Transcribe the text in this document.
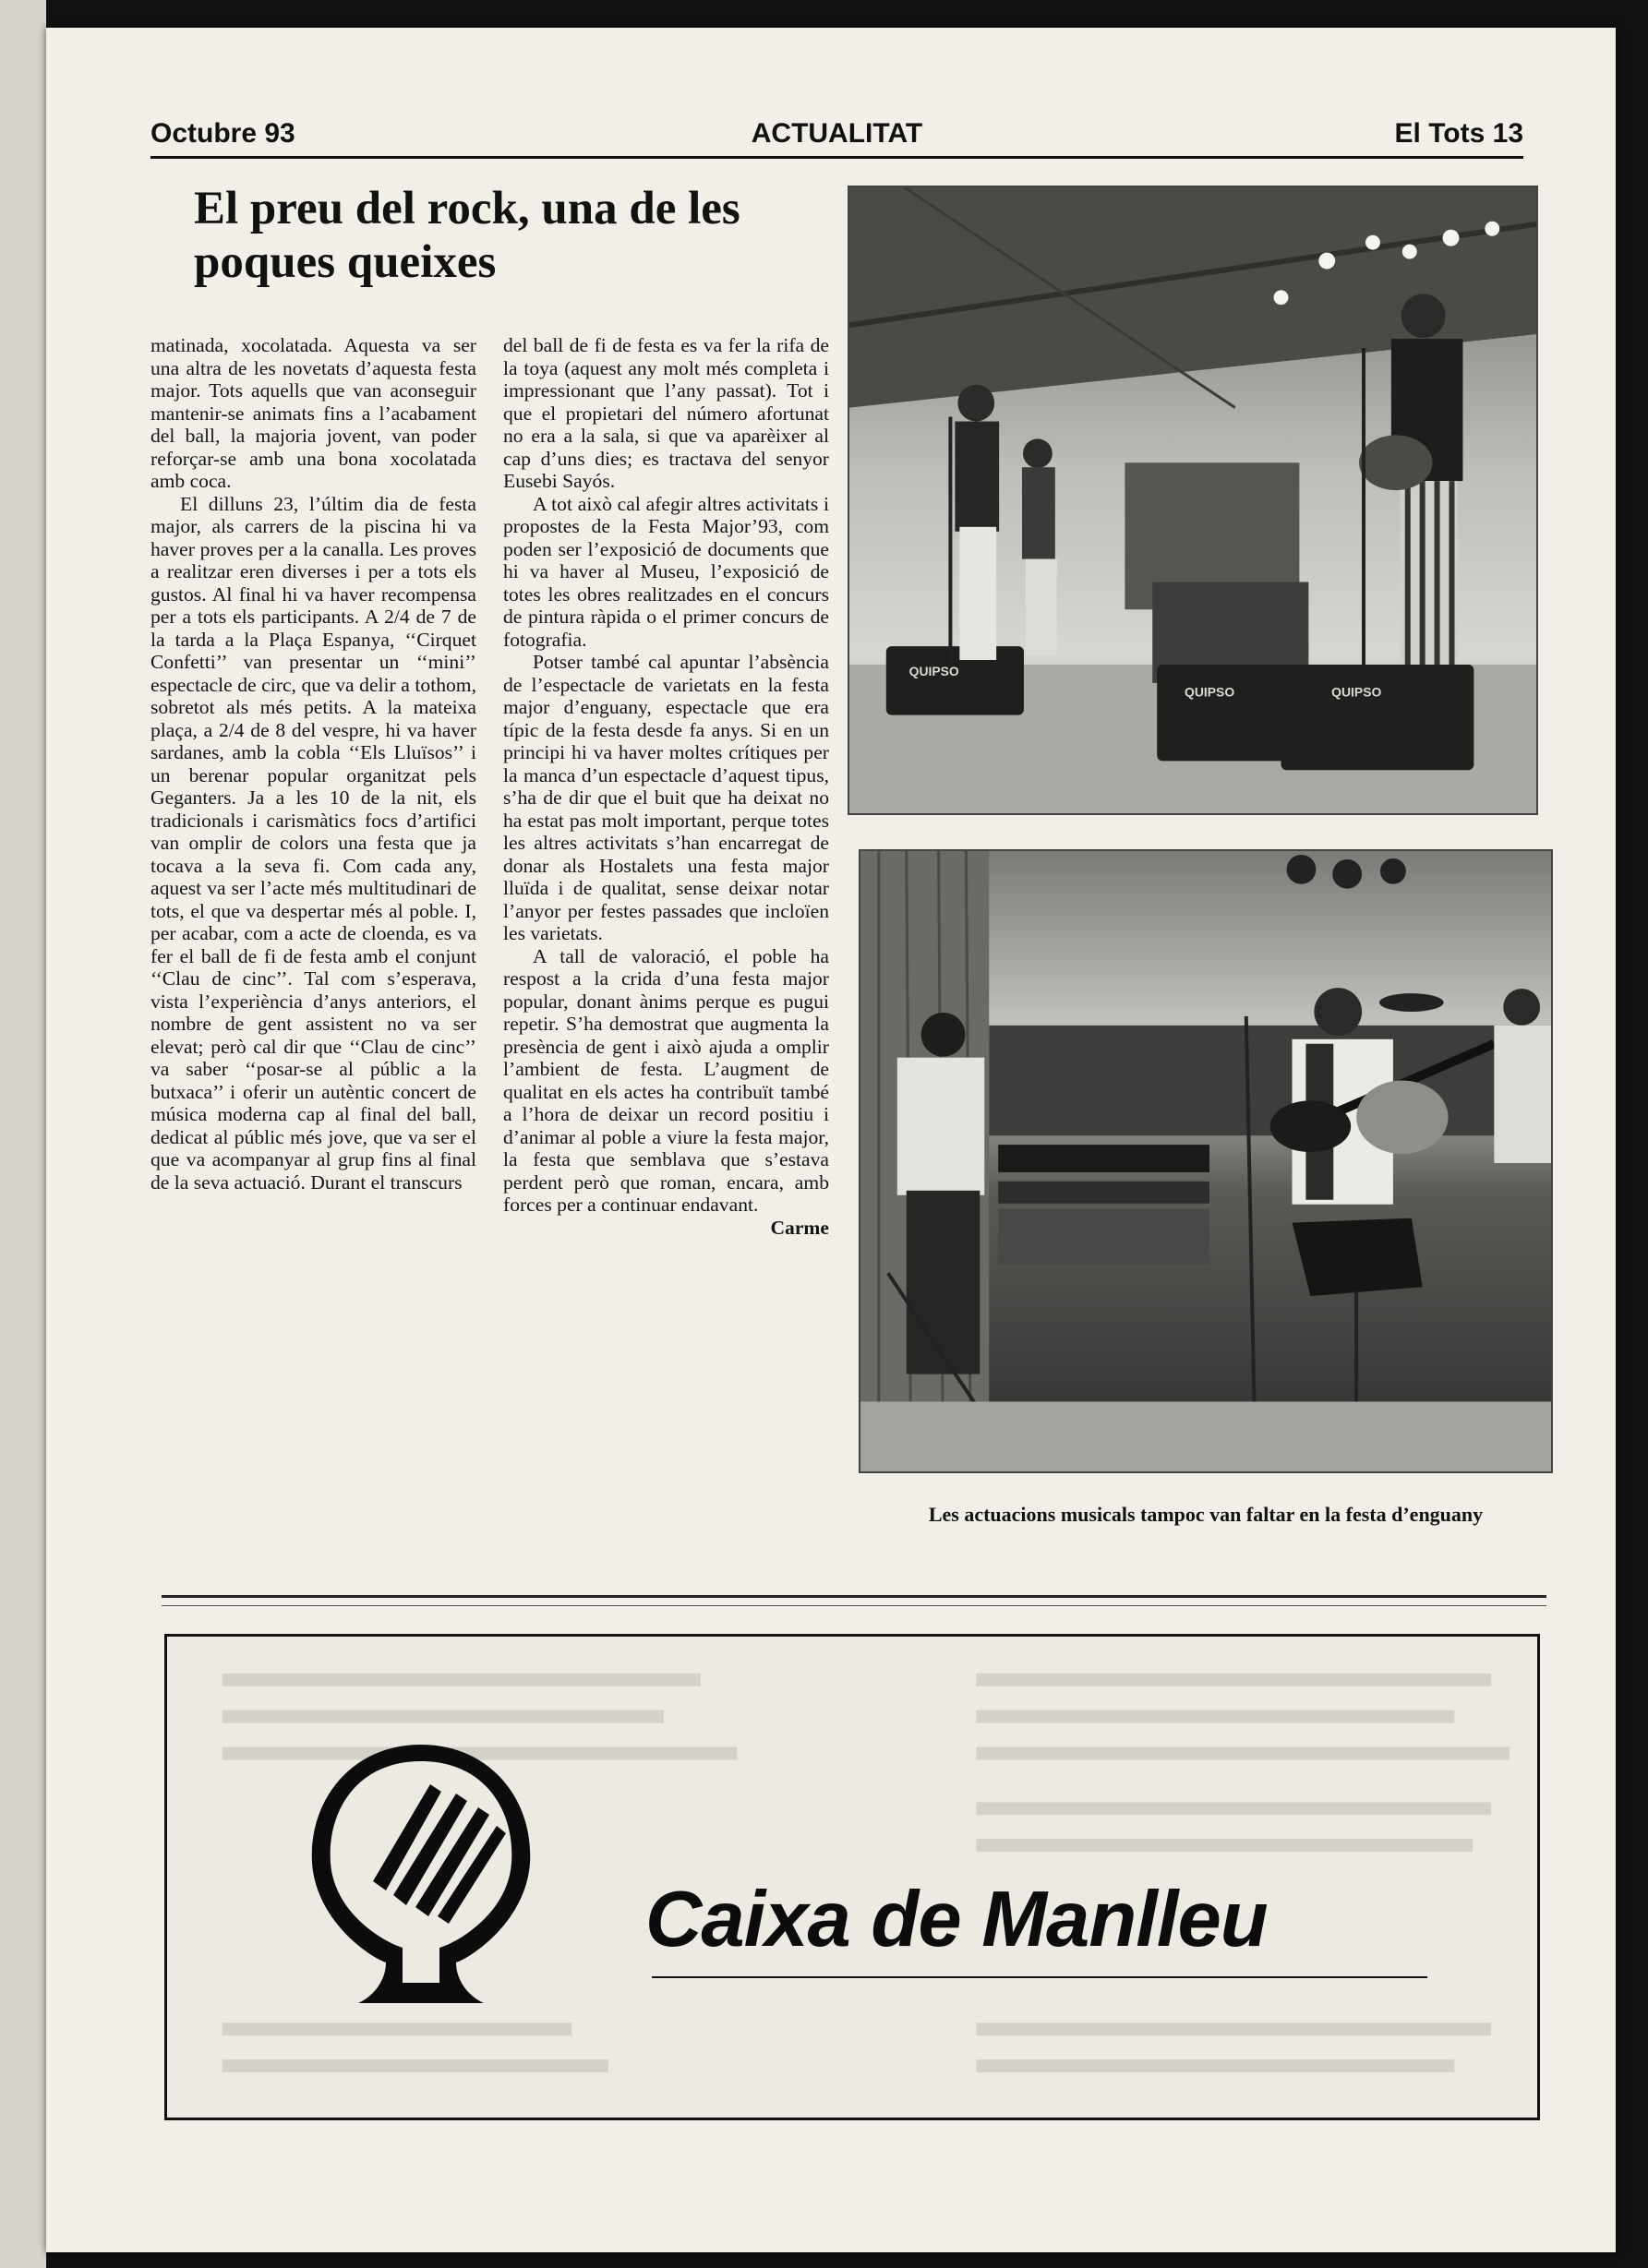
Octubre 93	ACTUALITAT	El Tots 13
El preu del rock, una de les poques queixes

matinada, xocolatada. Aquesta va ser una altra de les novetats d’aquesta festa major. Tots aquells que van aconseguir mantenir-se animats fins a l’acabament del ball, la majoria jovent, van poder reforçar-se amb una bona xocolatada amb coca.

El dilluns 23, l’últim dia de festa major, als carrers de la piscina hi va haver proves per a la canalla. Les proves a realitzar eren diverses i per a tots els gustos. Al final hi va haver recompensa per a tots els participants. A 2/4 de 7 de la tarda a la Plaça Espanya, ‘‘Cirquet Confetti’’ van presentar un ‘‘mini’’ espectacle de circ, que va delir a tothom, sobretot als més petits. A la mateixa plaça, a 2/4 de 8 del vespre, hi va haver sardanes, amb la cobla ‘‘Els Lluïsos’’ i un berenar popular organitzat pels Geganters. Ja a les 10 de la nit, els tradicionals i carismàtics focs d’artifici van omplir de colors una festa que ja tocava a la seva fi. Com cada any, aquest va ser l’acte més multitudinari de tots, el que va despertar més al poble. I, per acabar, com a acte de cloenda, es va fer el ball de fi de festa amb el conjunt ‘‘Clau de cinc’’. Tal com s’esperava, vista l’experiència d’anys anteriors, el nombre de gent assistent no va ser elevat; però cal dir que ‘‘Clau de cinc’’ va saber ‘‘posar-se al públic a la butxaca’’ i oferir un autèntic concert de música moderna cap al final del ball, dedicat al públic més jove, que va ser el que va acompanyar al grup fins al final de la seva actuació. Durant el transcurs

del ball de fi de festa es va fer la rifa de la toya (aquest any molt més completa i impressionant que l’any passat). Tot i que el propietari del número afortunat no era a la sala, si que va aparèixer al cap d’uns dies; es tractava del senyor Eusebi Sayós.

A tot això cal afegir altres activitats i propostes de la Festa Major’93, com poden ser l’exposició de documents que hi va haver al Museu, l’exposició de totes les obres realitzades en el concurs de pintura ràpida o el primer concurs de fotografia.

Potser també cal apuntar l’absència de l’espectacle de varietats en la festa major d’enguany, espectacle que era típic de la festa desde fa anys. Si en un principi hi va haver moltes crítiques per la manca d’un espectacle d’aquest tipus, s’ha de dir que el buit que ha deixat no ha estat pas molt important, perque totes les altres activitats s’han encarregat de donar als Hostalets una festa major lluïda i de qualitat, sense deixar notar l’anyor per festes passades que incloïen les varietats.

A tall de valoració, el poble ha respost a la crida d’una festa major popular, donant ànims perque es pugui repetir. S’ha demostrat que augmenta la presència de gent i això ajuda a omplir l’ambient de festa. L’augment de qualitat en els actes ha contribuït també a l’hora de deixar un record positiu i d’animar al poble a viure la festa major, la festa que semblava que s’estava perdent però que roman, encara, amb forces per a continuar endavant.

Carme
QUIPSO
QUIPSO	QUIPSO
Les actuacions musicals tampoc van faltar en la festa d’enguany
Caixa de Manlleu
